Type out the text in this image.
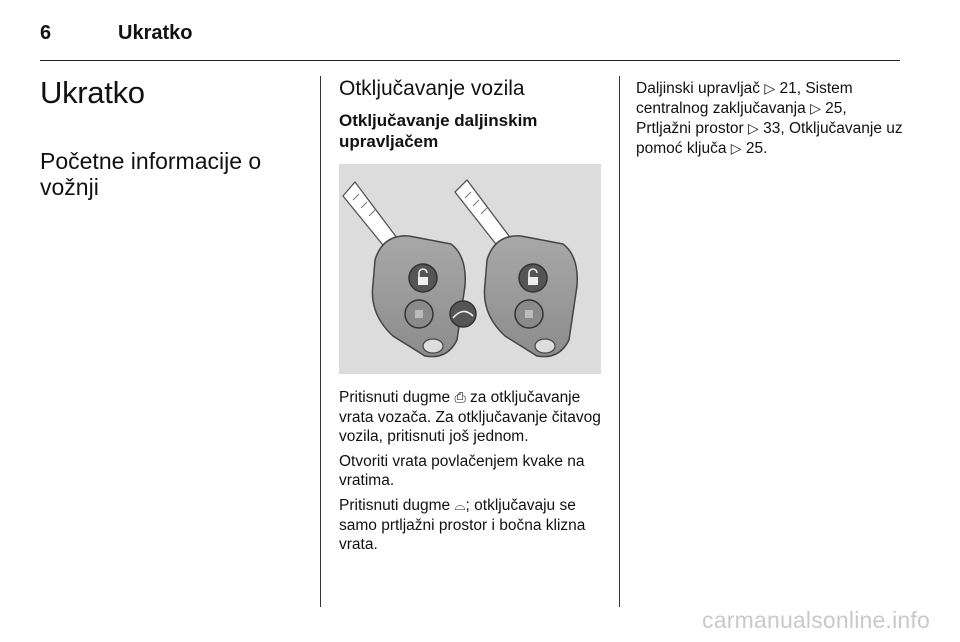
6	Ukratko
Ukratko
Početne informacije o vožnji
Otključavanje vozila
Otključavanje daljinskim upravljačem

Pritisnuti dugme ⎙ za otključavanje vrata vozača. Za otključavanje čitavog vozila, pritisnuti još jednom.

Otvoriti vrata povlačenjem kvake na vratima.

Pritisnuti dugme ⌓; otključavaju se samo prtljažni prostor i bočna klizna vrata.

Daljinski upravljač ▷ 21, Sistem centralnog zaključavanja ▷ 25, Prtljažni prostor ▷ 33, Otključavanje uz pomoć ključa ▷ 25.

carmanualsonline.info
